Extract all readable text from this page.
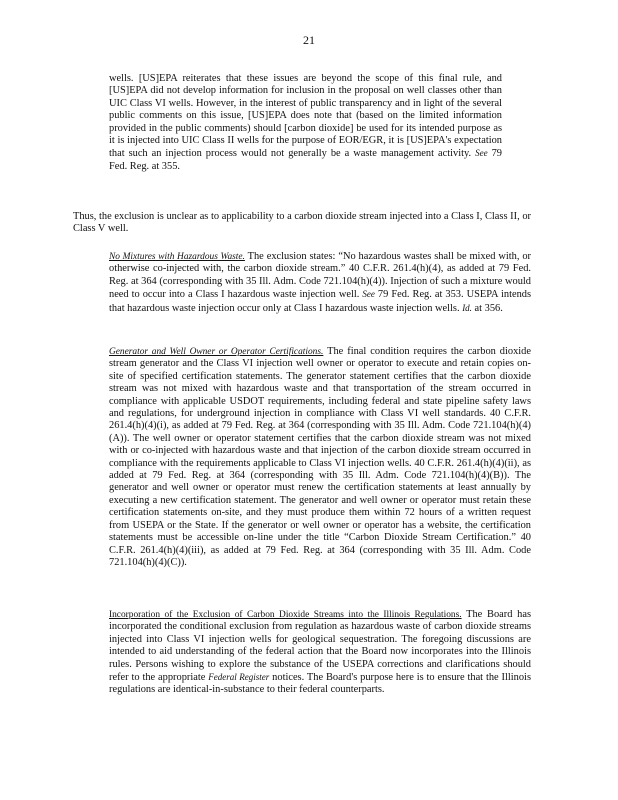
21
wells. [US]EPA reiterates that these issues are beyond the scope of this final rule, and [US]EPA did not develop information for inclusion in the proposal on well classes other than UIC Class VI wells. However, in the interest of public transparency and in light of the several public comments on this issue, [US]EPA does note that (based on the limited information provided in the public comments) should [carbon dioxide] be used for its intended purpose as it is injected into UIC Class II wells for the purpose of EOR/EGR, it is [US]EPA's expectation that such an injection process would not generally be a waste management activity. See 79 Fed. Reg. at 355.
Thus, the exclusion is unclear as to applicability to a carbon dioxide stream injected into a Class I, Class II, or Class V well.
No Mixtures with Hazardous Waste. The exclusion states: “No hazardous wastes shall be mixed with, or otherwise co-injected with, the carbon dioxide stream.” 40 C.F.R. 261.4(h)(4), as added at 79 Fed. Reg. at 364 (corresponding with 35 Ill. Adm. Code 721.104(h)(4)). Injection of such a mixture would need to occur into a Class I hazardous waste injection well. See 79 Fed. Reg. at 353. USEPA intends that hazardous waste injection occur only at Class I hazardous waste injection wells. Id. at 356.
Generator and Well Owner or Operator Certifications. The final condition requires the carbon dioxide stream generator and the Class VI injection well owner or operator to execute and retain copies on-site of specified certification statements. The generator statement certifies that the carbon dioxide stream was not mixed with hazardous waste and that transportation of the stream occurred in compliance with applicable USDOT requirements, including federal and state pipeline safety laws and regulations, for underground injection in compliance with Class VI well standards. 40 C.F.R. 261.4(h)(4)(i), as added at 79 Fed. Reg. at 364 (corresponding with 35 Ill. Adm. Code 721.104(h)(4)(A)). The well owner or operator statement certifies that the carbon dioxide stream was not mixed with or co-injected with hazardous waste and that injection of the carbon dioxide stream occurred in compliance with the requirements applicable to Class VI injection wells. 40 C.F.R. 261.4(h)(4)(ii), as added at 79 Fed. Reg. at 364 (corresponding with 35 Ill. Adm. Code 721.104(h)(4)(B)). The generator and well owner or operator must renew the certification statements at least annually by executing a new certification statement. The generator and well owner or operator must retain these certification statements on-site, and they must produce them within 72 hours of a written request from USEPA or the State. If the generator or well owner or operator has a website, the certification statements must be accessible on-line under the title “Carbon Dioxide Stream Certification.” 40 C.F.R. 261.4(h)(4)(iii), as added at 79 Fed. Reg. at 364 (corresponding with 35 Ill. Adm. Code 721.104(h)(4)(C)).
Incorporation of the Exclusion of Carbon Dioxide Streams into the Illinois Regulations. The Board has incorporated the conditional exclusion from regulation as hazardous waste of carbon dioxide streams injected into Class VI injection wells for geological sequestration. The foregoing discussions are intended to aid understanding of the federal action that the Board now incorporates into the Illinois rules. Persons wishing to explore the substance of the USEPA corrections and clarifications should refer to the appropriate Federal Register notices. The Board's purpose here is to ensure that the Illinois regulations are identical-in-substance to their federal counterparts.
